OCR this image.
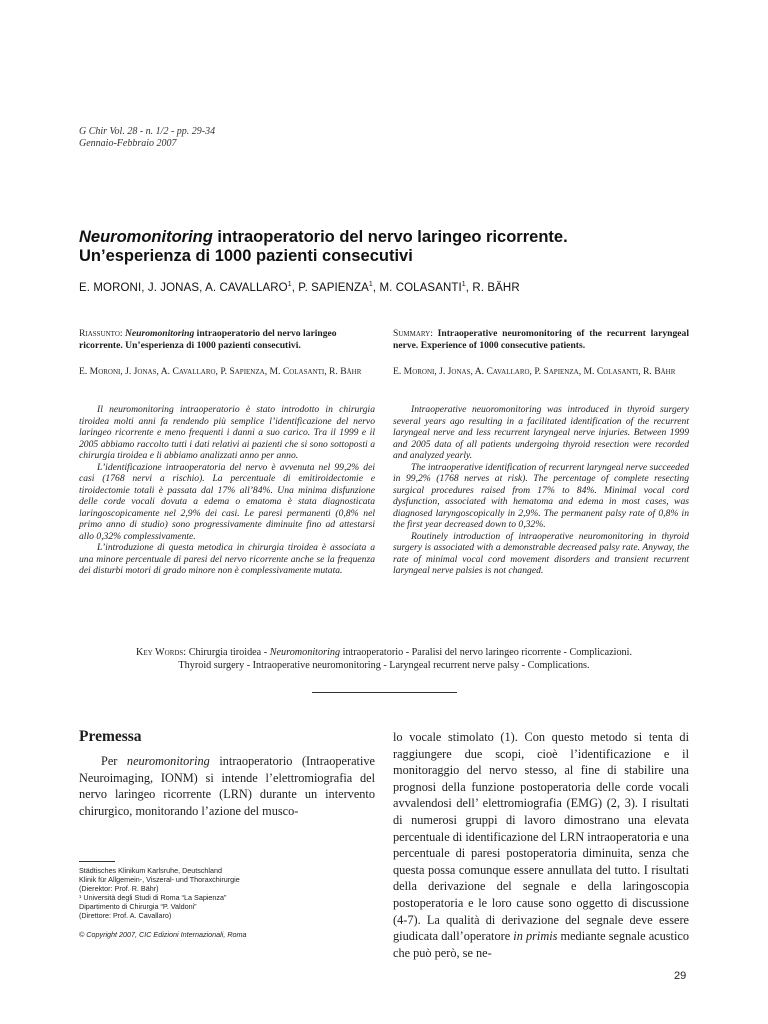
G Chir Vol. 28 - n. 1/2 - pp. 29-34
Gennaio-Febbraio 2007
Neuromonitoring intraoperatorio del nervo laringeo ricorrente.
Un’esperienza di 1000 pazienti consecutivi
E. MORONI, J. JONAS, A. CAVALLARO$^1$, P. SAPIENZA$^1$, M. COLASANTI$^1$, R. BÄHR
Riassunto: Neuromonitoring intraoperatorio del nervo laringeo ricorrente. Un’esperienza di 1000 pazienti consecutivi.
E. Moroni, J. Jonas, A. Cavallaro, P. Sapienza, M. Colasanti, R. Bähr

Il neuromonitoring intraoperatorio è stato introdotto in chirurgia tiroidea molti anni fa rendendo più semplice l’identificazione del nervo laringeo ricorrente e meno frequenti i danni a suo carico. Tra il 1999 e il 2005 abbiamo raccolto tutti i dati relativi ai pazienti che si sono sottoposti a chirurgia tiroidea e li abbiamo analizzati anno per anno.

L’identificazione intraoperatoria del nervo è avvenuta nel 99,2% dei casi (1768 nervi a rischio). La percentuale di emitiroidectomie e tiroidectomie totali è passata dal 17% all’84%. Una minima disfunzione delle corde vocali dovuta a edema o ematoma è stata diagnosticata laringoscopicamente nel 2,9% dei casi. Le paresi permanenti (0,8% nel primo anno di studio) sono progressivamente diminuite fino ad attestarsi allo 0,32% complessivamente.

L’introduzione di questa metodica in chirurgia tiroidea è associata a una minore percentuale di paresi del nervo ricorrente anche se la frequenza dei disturbi motori di grado minore non è complessivamente mutata.

Summary: Intraoperative neuromonitoring of the recurrent laryngeal nerve. Experience of 1000 consecutive patients.
E. Moroni, J. Jonas, A. Cavallaro, P. Sapienza, M. Colasanti, R. Bähr

Intraoperative neuoromonitoring was introduced in thyroid surgery several years ago resulting in a facilitated identification of the recurrent laryngeal nerve and less recurrent laryngeal nerve injuries. Between 1999 and 2005 data of all patients undergoing thyroid resection were recorded and analyzed yearly.

The intraoperative identification of recurrent laryngeal nerve succeeded in 99,2% (1768 nerves at risk). The percentage of complete resecting surgical procedures raised from 17% to 84%. Minimal vocal cord dysfunction, associated with hematoma and edema in most cases, was diagnosed laryngoscopically in 2,9%. The permanent palsy rate of 0,8% in the first year decreased down to 0,32%.

Routinely introduction of intraoperative neuromonitoring in thyroid surgery is associated with a demonstrable decreased palsy rate. Anyway, the rate of minimal vocal cord movement disorders and transient recurrent laryngeal nerve palsies is not changed.

Key Words: Chirurgia tiroidea - Neuromonitoring intraoperatorio - Paralisi del nervo laringeo ricorrente - Complicazioni.
Thyroid surgery - Intraoperative neuromonitoring - Laryngeal recurrent nerve palsy - Complications.
Premessa

Per neuromonitoring intraoperatorio (Intraoperative Neuroimaging, IONM) si intende l’elettromiografia del nervo laringeo ricorrente (LRN) durante un intervento chirurgico, monitorando l’azione del musco-

lo vocale stimolato (1). Con questo metodo si tenta di raggiungere due scopi, cioè l’identificazione e il monitoraggio del nervo stesso, al fine di stabilire una prognosi della funzione postoperatoria delle corde vocali avvalendosi dell’ elettromiografia (EMG) (2, 3). I risultati di numerosi gruppi di lavoro dimostrano una elevata percentuale di identificazione del LRN intraoperatoria e una percentuale di paresi postoperatoria diminuita, senza che questa possa comunque essere annullata del tutto. I risultati della derivazione del segnale e della laringoscopia postoperatoria e le loro cause sono oggetto di discussione (4-7). La qualità di derivazione del segnale deve essere giudicata dall’operatore in primis mediante segnale acustico che può però, se ne-

Städtisches Klinikum Karlsruhe, Deutschland
Klinik für Allgemein-, Viszeral- und Thoraxchirurgie
(Dierektor: Prof. R. Bähr)
¹ Università degli Studi di Roma “La Sapienza”
Dipartimento di Chirurgia “P. Valdoni”
(Direttore: Prof. A. Cavallaro)
© Copyright 2007, CIC Edizioni Internazionali, Roma
29
